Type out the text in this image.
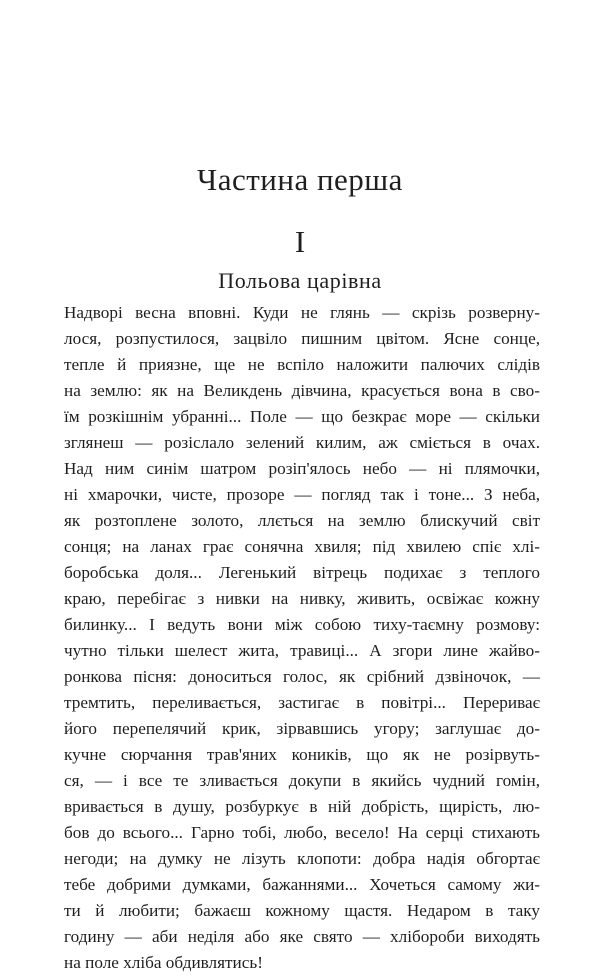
Частина перша
I
Польова царівна
Надворі весна вповні. Куди не глянь — скрізь розверну-
лося, розпустилося, зацвіло пишним цвітом. Ясне сонце,
тепле й приязне, ще не вспіло наложити палючих слідів
на землю: як на Великдень дівчина, красується вона в сво-
їм розкішнім убранні... Поле — що безкрає море — скільки
зглянеш — розіслало зелений килим, аж сміється в очах.
Над ним синім шатром розіп'ялось небо — ні плямочки,
ні хмарочки, чисте, прозоре — погляд так і тоне... З неба,
як розтоплене золото, ллється на землю блискучий світ
сонця; на ланах грає сонячна хвиля; під хвилею спіє хлі-
боробська доля... Легенький вітрець подихає з теплого
краю, перебігає з нивки на нивку, живить, освіжає кожну
билинку... І ведуть вони між собою тиху-таємну розмову:
чутно тільки шелест жита, травиці... А згори лине жайво-
ронкова пісня: доноситься голос, як срібний дзвіночок, —
тремтить, переливається, застигає в повітрі... Перериває
його перепелячий крик, зірвавшись угору; заглушає до-
кучне сюрчання трав'яних коників, що як не розірвуть-
ся, — і все те зливається докупи в якийсь чудний гомін,
вривається в душу, розбуркує в ній добрість, щирість, лю-
бов до всього... Гарно тобі, любо, весело! На серці стихають
негоди; на думку не лізуть клопоти: добра надія обгортає
тебе добрими думками, бажаннями... Хочеться самому жи-
ти й любити; бажаєш кожному щастя. Недаром в таку
годину — аби неділя або яке свято — хлібороби виходять
на поле хліба обдивлятись!
